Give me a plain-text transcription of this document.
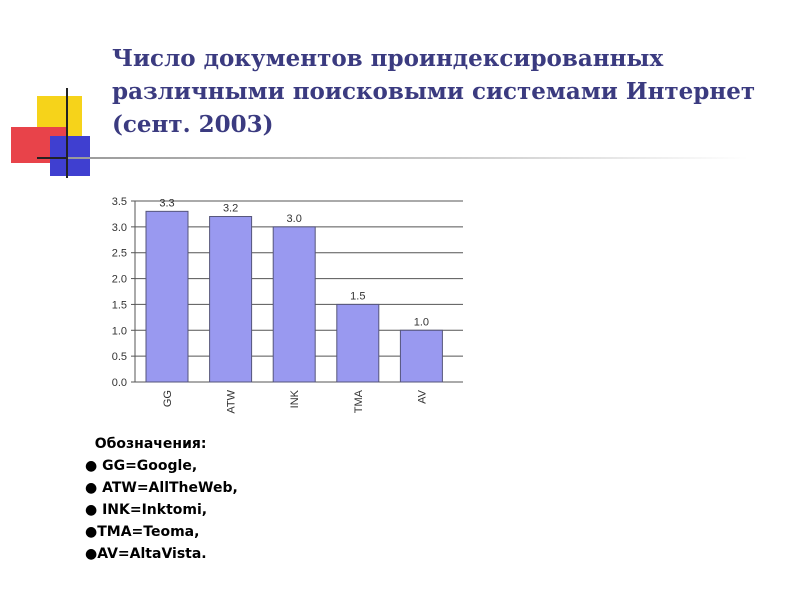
Число документов проиндексированных
различными поисковыми системами Интернет
(сент. 2003)
0.0
0.5
1.0
1.5
2.0
2.5
3.0
3.5	3.3
GG
3.2
ATW
3.0
INK
1.5
TMA
1.0
AV
Обозначения:
● GG=Google,
● ATW=AllTheWeb,
● INK=Inktomi,
●TMA=Teoma,
●AV=AltaVista.
